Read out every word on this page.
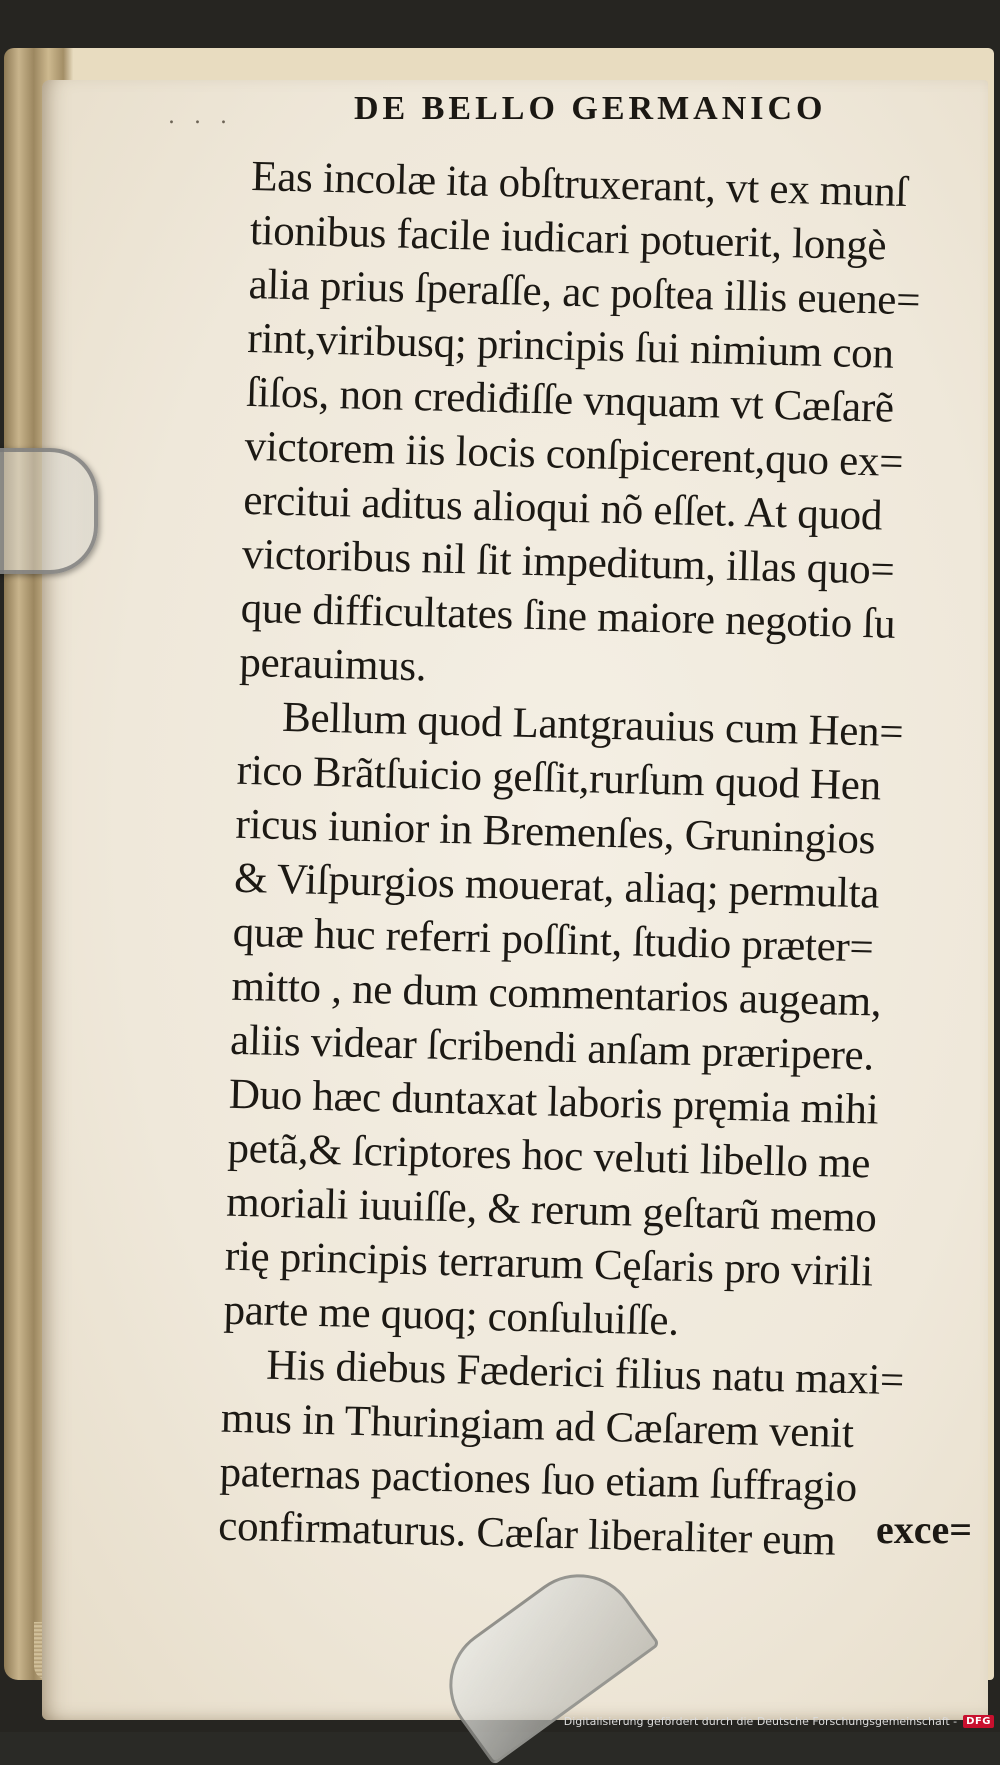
. . .	DE BELLO GERMANICO
Eas incolæ ita obſtruxerant, vt ex munſ
tionibus facile iudicari potuerit, longè
alia prius ſperaſſe, ac poſtea illis euene=
rint,viribusq; principis ſui nimium con
ſiſos, non crediđiſſe vnquam vt Cæſarẽ
victorem iis locis conſpicerent,quo ex=
ercitui aditus alioqui nõ eſſet. At quod
victoribus nil ſit impeditum, illas quo=
que difficultates ſine maiore negotio ſu
perauimus.
Bellum quod Lantgrauius cum Hen=
rico Brãtſuicio geſſit,rurſum quod Hen
ricus iunior in Bremenſes, Gruningios
& Viſpurgios mouerat, aliaq; permulta
quæ huc referri poſſint, ſtudio præter=
mitto , ne dum commentarios augeam,
aliis videar ſcribendi anſam præripere.
Duo hæc duntaxat laboris pręmia mihi
petã,& ſcriptores hoc veluti libello me
moriali iuuiſſe, & rerum geſtarũ memo
rię principis terrarum Cęſaris pro virili
parte me quoq; conſuluiſſe.
His diebus Fæderici filius natu maxi=
mus in Thuringiam ad Cæſarem venit
paternas pactiones ſuo etiam ſuffragio
confirmaturus. Cæſar liberaliter eum exce=
Digitalisierung gefördert durch die Deutsche Forschungsgemeinschaft - DFG
